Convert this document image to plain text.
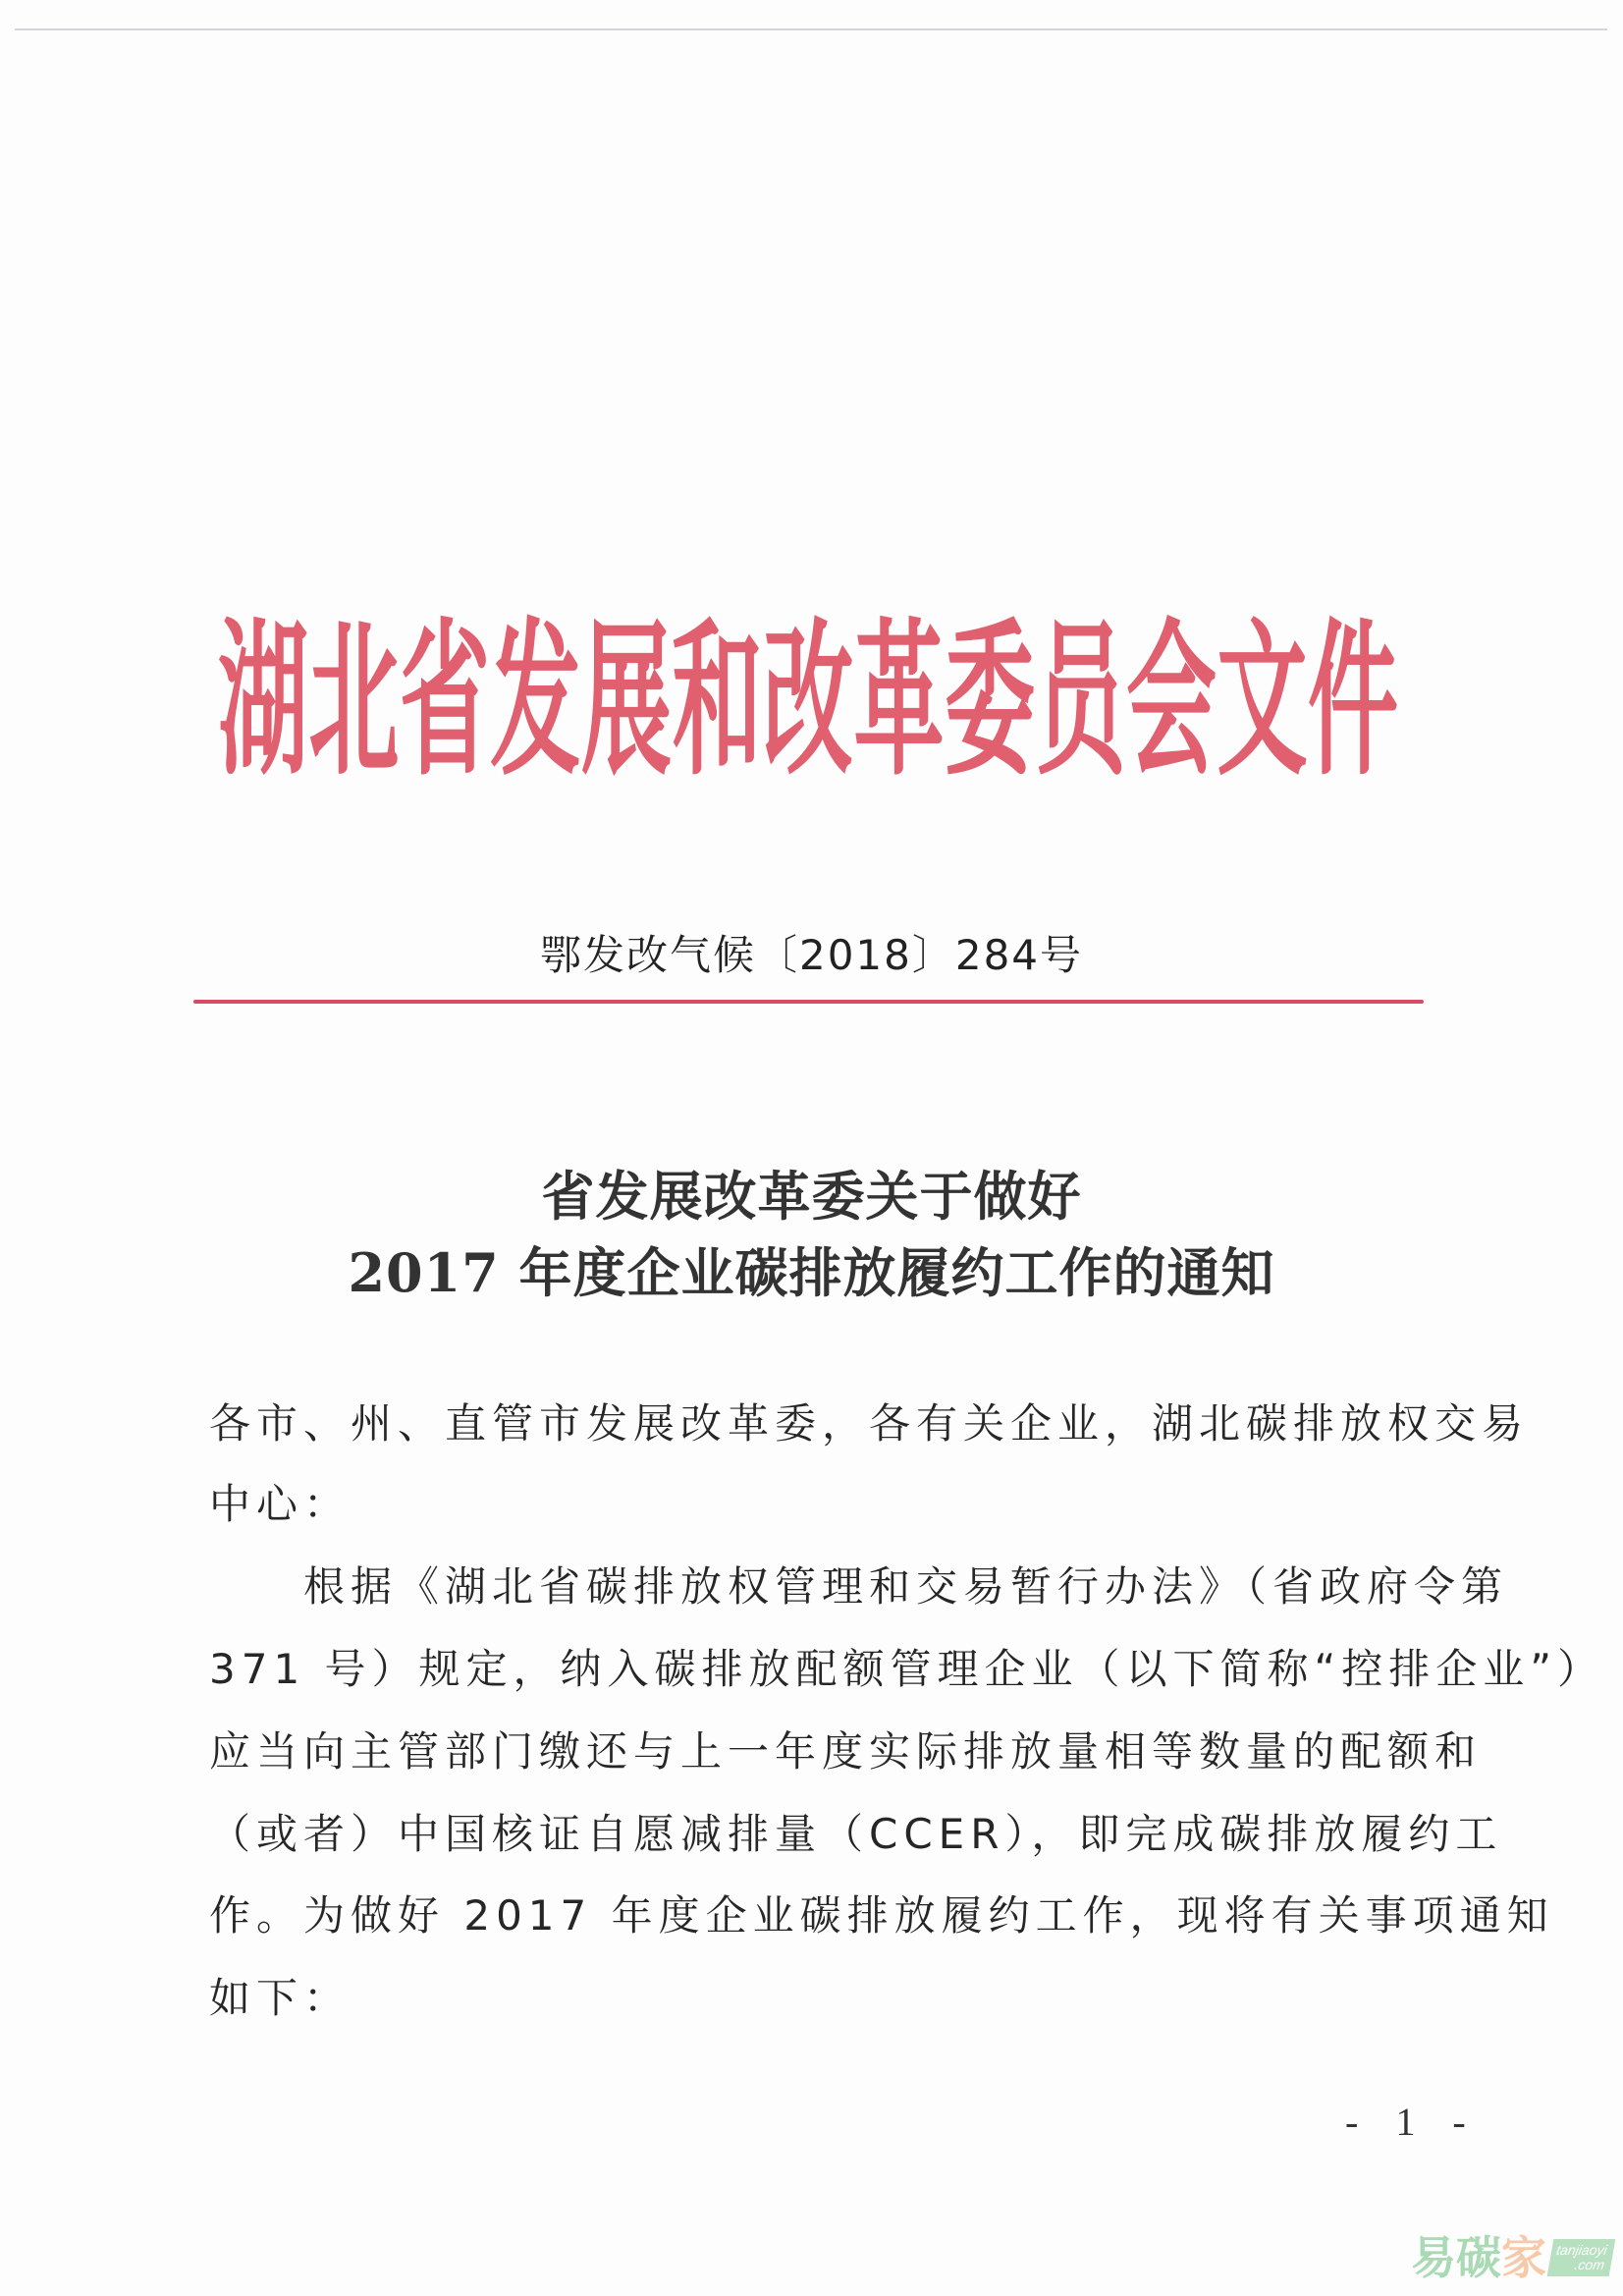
湖 北 省 发 展 和 改 革 委 员 会 文 件
鄂发改气候〔2018〕284号
省发展改革委关于做好
2017 年度企业碳排放履约工作的通知
各市、州、直管市发展改革委，各有关企业，湖北碳排放权交易
中心：
　　根据《湖北省碳排放权管理和交易暂行办法》（省政府令第
371 号）规定，纳入碳排放配额管理企业（以下简称“控排企业”）
应当向主管部门缴还与上一年度实际排放量相等数量的配额和
（或者）中国核证自愿减排量（CCER），即完成碳排放履约工
作。为做好 2017 年度企业碳排放履约工作，现将有关事项通知
如下：
- 1 -
易碳 家 tanjiaoyi
.com
